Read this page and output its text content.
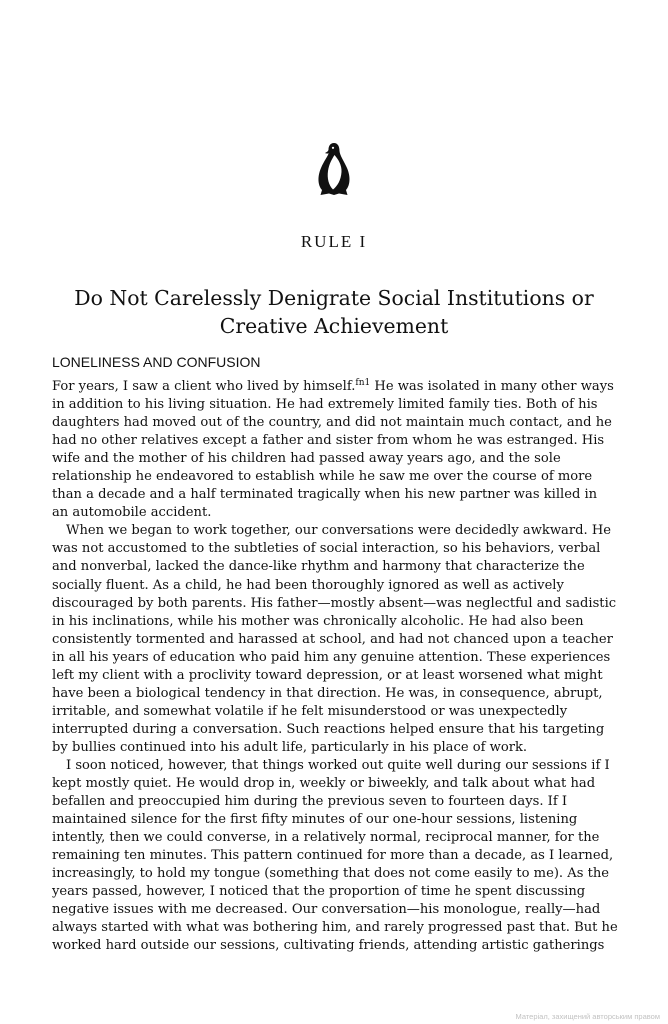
RULE I
Do Not Carelessly Denigrate Social Institutions or
Creative Achievement
LONELINESS AND CONFUSION
For years, I saw a client who lived by himself.$^{fn1}$ He was isolated in many other ways
in addition to his living situation. He had extremely limited family ties. Both of his
daughters had moved out of the country, and did not maintain much contact, and he
had no other relatives except a father and sister from whom he was estranged. His
wife and the mother of his children had passed away years ago, and the sole
relationship he endeavored to establish while he saw me over the course of more
than a decade and a half terminated tragically when his new partner was killed in
an automobile accident.
When we began to work together, our conversations were decidedly awkward. He
was not accustomed to the subtleties of social interaction, so his behaviors, verbal
and nonverbal, lacked the dance-like rhythm and harmony that characterize the
socially fluent. As a child, he had been thoroughly ignored as well as actively
discouraged by both parents. His father—mostly absent—was neglectful and sadistic
in his inclinations, while his mother was chronically alcoholic. He had also been
consistently tormented and harassed at school, and had not chanced upon a teacher
in all his years of education who paid him any genuine attention. These experiences
left my client with a proclivity toward depression, or at least worsened what might
have been a biological tendency in that direction. He was, in consequence, abrupt,
irritable, and somewhat volatile if he felt misunderstood or was unexpectedly
interrupted during a conversation. Such reactions helped ensure that his targeting
by bullies continued into his adult life, particularly in his place of work.
I soon noticed, however, that things worked out quite well during our sessions if I
kept mostly quiet. He would drop in, weekly or biweekly, and talk about what had
befallen and preoccupied him during the previous seven to fourteen days. If I
maintained silence for the first fifty minutes of our one-hour sessions, listening
intently, then we could converse, in a relatively normal, reciprocal manner, for the
remaining ten minutes. This pattern continued for more than a decade, as I learned,
increasingly, to hold my tongue (something that does not come easily to me). As the
years passed, however, I noticed that the proportion of time he spent discussing
negative issues with me decreased. Our conversation—his monologue, really—had
always started with what was bothering him, and rarely progressed past that. But he
worked hard outside our sessions, cultivating friends, attending artistic gatherings
Матеріал, захищений авторським правом
